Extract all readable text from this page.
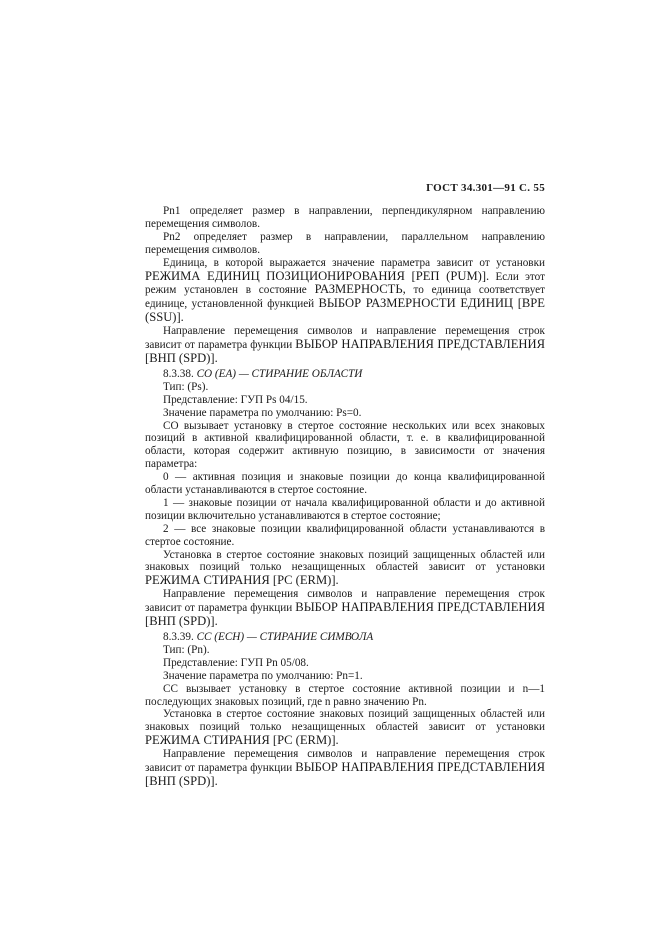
ГОСТ 34.301—91 С. 55

Pn1 определяет размер в направлении, перпендикулярном направлению перемещения символов.

Pn2 определяет размер в направлении, параллельном направлению перемещения символов.

Единица, в которой выражается значение параметра зависит от установки РЕЖИМА ЕДИНИЦ ПОЗИЦИОНИРОВАНИЯ [РЕП (PUM)]. Если этот режим установлен в состояние РАЗМЕРНОСТЬ, то единица соответствует единице, установленной функцией ВЫБОР РАЗМЕРНОСТИ ЕДИНИЦ [ВРЕ (SSU)].

Направление перемещения символов и направление перемещения строк зависит от параметра функции ВЫБОР НАПРАВЛЕНИЯ ПРЕДСТАВЛЕНИЯ [ВНП (SPD)].

8.3.38. СО (ЕА) — СТИРАНИЕ ОБЛАСТИ

Тип: (Ps).

Представление: ГУП Ps 04/15.

Значение параметра по умолчанию: Ps=0.

СО вызывает установку в стертое состояние нескольких или всех знаковых позиций в активной квалифицированной области, т. е. в квалифицированной области, которая содержит активную позицию, в зависимости от значения параметра:

0 — активная позиция и знаковые позиции до конца квалифицированной области устанавливаются в стертое состояние.

1 — знаковые позиции от начала квалифицированной области и до активной позиции включительно устанавливаются в стертое состояние;

2 — все знаковые позиции квалифицированной области устанавливаются в стертое состояние.

Установка в стертое состояние знаковых позиций защищенных областей или знаковых позиций только незащищенных областей зависит от установки РЕЖИМА СТИРАНИЯ [PC (ERM)].

Направление перемещения символов и направление перемещения строк зависит от параметра функции ВЫБОР НАПРАВЛЕНИЯ ПРЕДСТАВЛЕНИЯ [ВНП (SPD)].

8.3.39. СС (ЕСН) — СТИРАНИЕ СИМВОЛА

Тип: (Pn).

Представление: ГУП Pn 05/08.

Значение параметра по умолчанию: Pn=1.

СС вызывает установку в стертое состояние активной позиции и n—1 последующих знаковых позиций, где n равно значению Pn.

Установка в стертое состояние знаковых позиций защищенных областей или знаковых позиций только незащищенных областей зависит от установки РЕЖИМА СТИРАНИЯ [PC (ERM)].

Направление перемещения символов и направление перемещения строк зависит от параметра функции ВЫБОР НАПРАВЛЕНИЯ ПРЕДСТАВЛЕНИЯ [ВНП (SPD)].
